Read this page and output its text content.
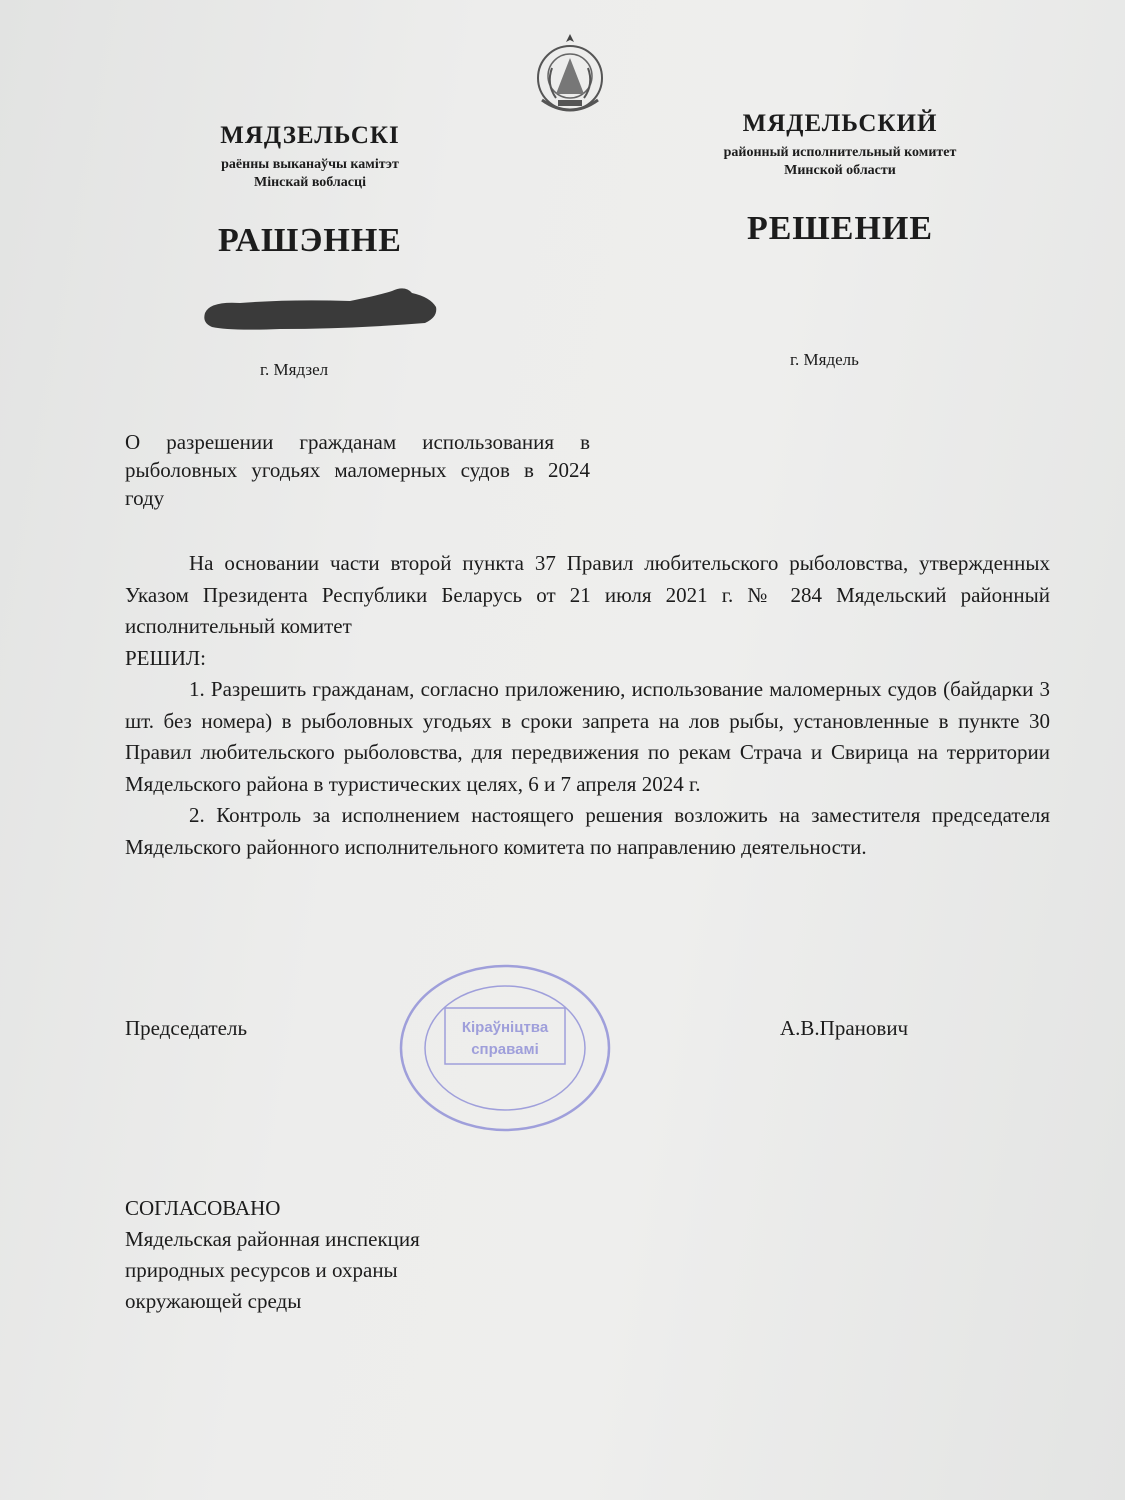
МЯДЗЕЛЬСКІ
раённы выканаўчы камітэт
Мінскай вобласці
МЯДЕЛЬСКИЙ
районный исполнительный комитет
Минской области
РАШЭННЕ	РЕШЕНИЕ
г. Мядзел
г. Мядель
О разрешении гражданам использования в рыболовных угодьях маломерных судов в 2024 году

На основании части второй пункта 37 Правил любительского рыболовства, утвержденных Указом Президента Республики Беларусь от 21 июля 2021 г. № 284 Мядельский районный исполнительный комитет

РЕШИЛ:

1. Разрешить гражданам, согласно приложению, использование маломерных судов (байдарки 3 шт. без номера) в рыболовных угодьях в сроки запрета на лов рыбы, установленные в пункте 30 Правил любительского рыболовства, для передвижения по рекам Страча и Свирица на территории Мядельского района в туристических целях, 6 и 7 апреля 2024 г.

2. Контроль за исполнением настоящего решения возложить на заместителя председателя Мядельского районного исполнительного комитета по направлению деятельности.

Председатель	А.В.Пранович
Кіраўніцтва
справамі
СОГЛАСОВАНО
Мядельская районная инспекция
природных ресурсов и охраны
окружающей среды
